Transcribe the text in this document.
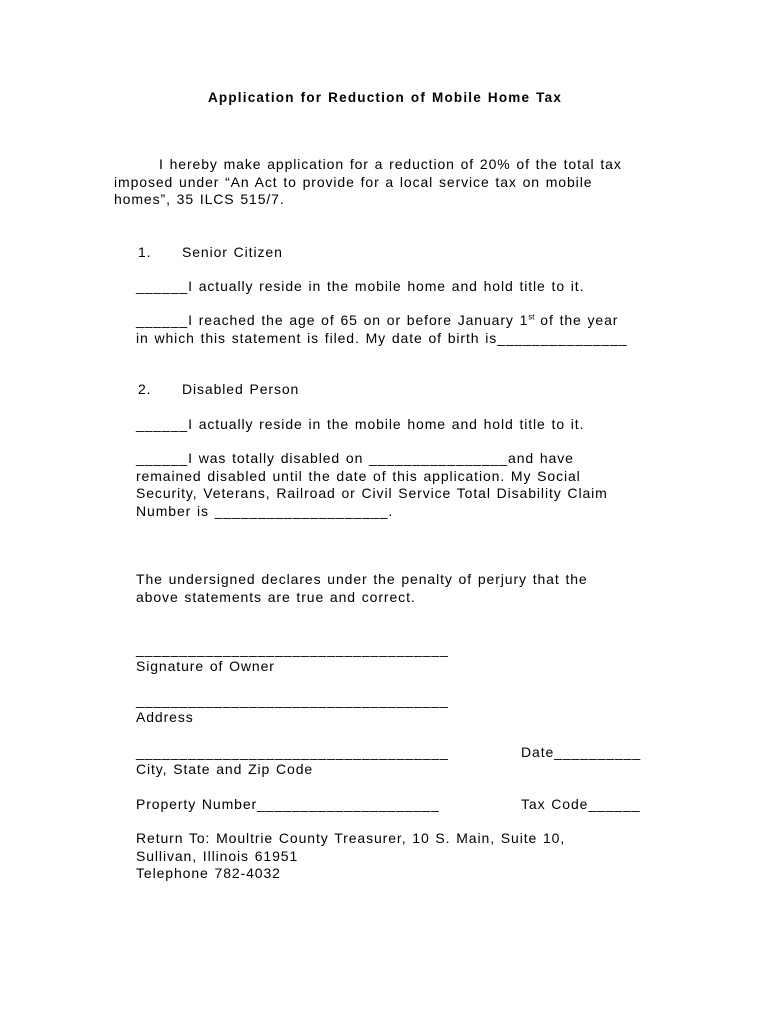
Application for Reduction of Mobile Home Tax
I hereby make application for a reduction of 20% of the total tax
imposed under “An Act to provide for a local service tax on mobile
homes”, 35 ILCS 515/7.
1. Senior Citizen
______I actually reside in the mobile home and hold title to it.
______I reached the age of 65 on or before January 1st of the year
in which this statement is filed. My date of birth is_______________
2. Disabled Person
______I actually reside in the mobile home and hold title to it.
______I was totally disabled on ________________and have
remained disabled until the date of this application. My Social
Security, Veterans, Railroad or Civil Service Total Disability Claim
Number is ____________________.
The undersigned declares under the penalty of perjury that the
above statements are true and correct.
____________________________________
Signature of Owner
____________________________________
Address
____________________________________
City, State and Zip Code
Date__________
Property Number_____________________	Tax Code______
Return To: Moultrie County Treasurer, 10 S. Main, Suite 10,
Sullivan, Illinois 61951
Telephone 782-4032
